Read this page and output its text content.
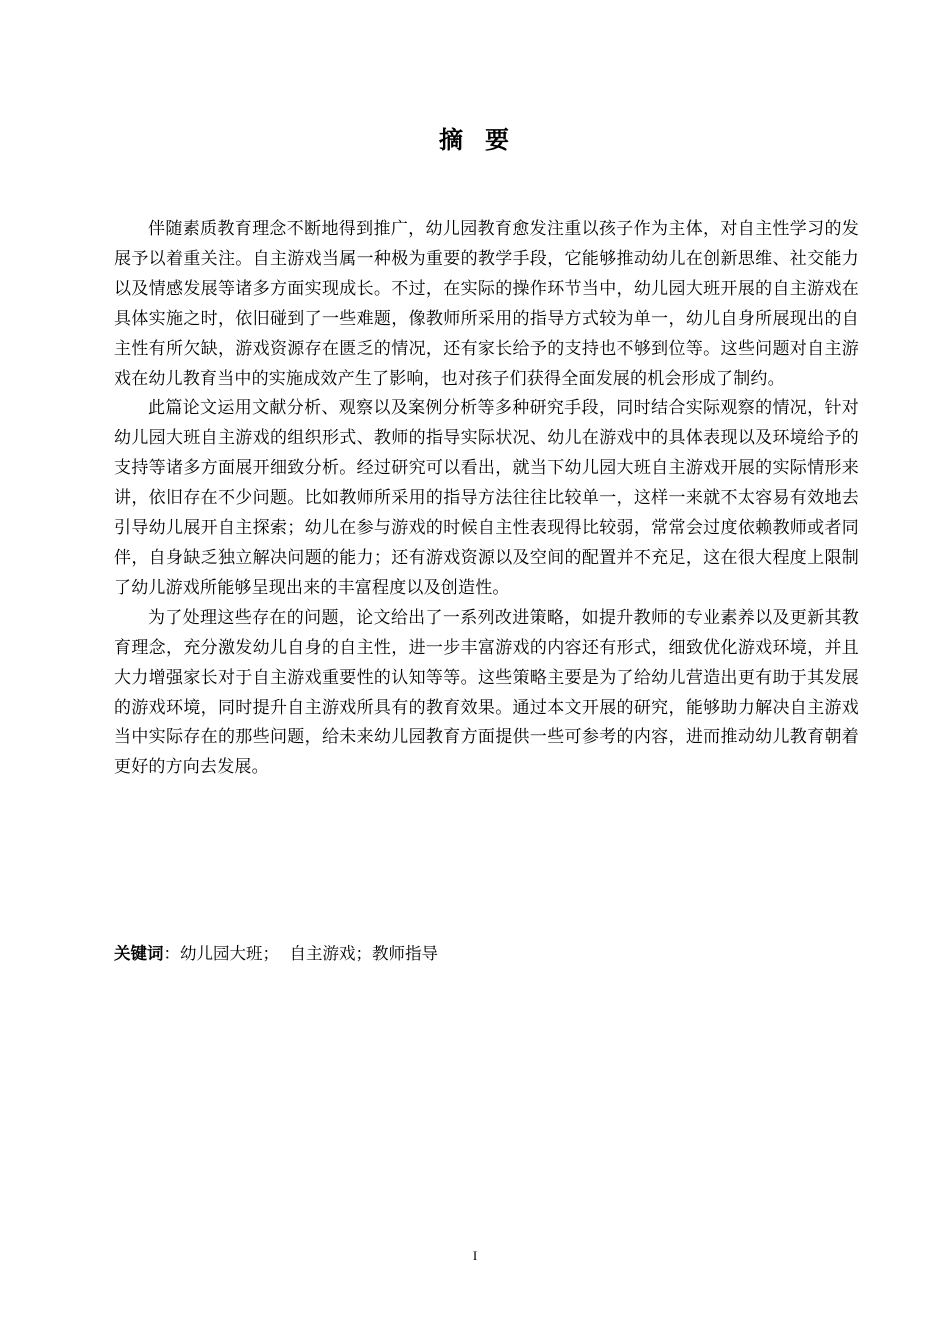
摘 要

伴随素质教育理念不断地得到推广，幼儿园教育愈发注重以孩子作为主体，对自主性学习的发展予以着重关注。自主游戏当属一种极为重要的教学手段，它能够推动幼儿在创新思维、社交能力以及情感发展等诸多方面实现成长。不过，在实际的操作环节当中，幼儿园大班开展的自主游戏在具体实施之时，依旧碰到了一些难题，像教师所采用的指导方式较为单一，幼儿自身所展现出的自主性有所欠缺，游戏资源存在匮乏的情况，还有家长给予的支持也不够到位等。这些问题对自主游戏在幼儿教育当中的实施成效产生了影响，也对孩子们获得全面发展的机会形成了制约。

此篇论文运用文献分析、观察以及案例分析等多种研究手段，同时结合实际观察的情况，针对幼儿园大班自主游戏的组织形式、教师的指导实际状况、幼儿在游戏中的具体表现以及环境给予的支持等诸多方面展开细致分析。经过研究可以看出，就当下幼儿园大班自主游戏开展的实际情形来讲，依旧存在不少问题。比如教师所采用的指导方法往往比较单一，这样一来就不太容易有效地去引导幼儿展开自主探索；幼儿在参与游戏的时候自主性表现得比较弱，常常会过度依赖教师或者同伴，自身缺乏独立解决问题的能力；还有游戏资源以及空间的配置并不充足，这在很大程度上限制了幼儿游戏所能够呈现出来的丰富程度以及创造性。

为了处理这些存在的问题，论文给出了一系列改进策略，如提升教师的专业素养以及更新其教育理念，充分激发幼儿自身的自主性，进一步丰富游戏的内容还有形式，细致优化游戏环境，并且大力增强家长对于自主游戏重要性的认知等等。这些策略主要是为了给幼儿营造出更有助于其发展的游戏环境，同时提升自主游戏所具有的教育效果。通过本文开展的研究，能够助力解决自主游戏当中实际存在的那些问题，给未来幼儿园教育方面提供一些可参考的内容，进而推动幼儿教育朝着更好的方向去发展。

关键词：幼儿园大班；  自主游戏；教师指导
I
